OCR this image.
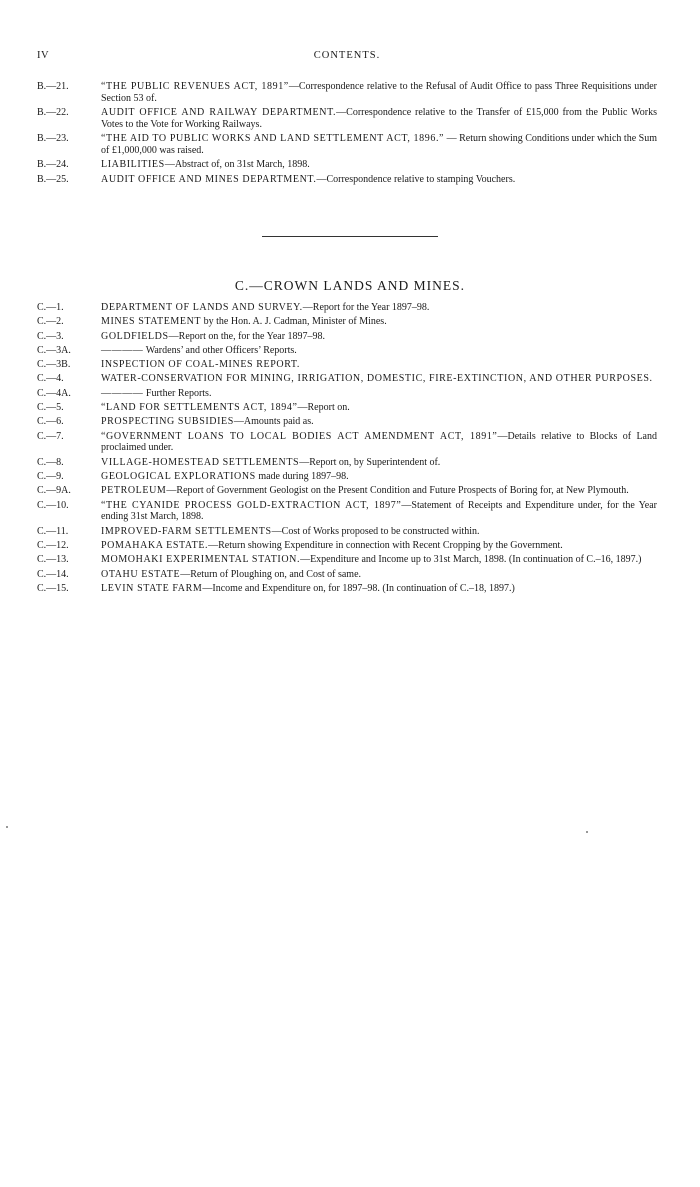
IV	CONTENTS.
B.—21.	“THE PUBLIC REVENUES ACT, 1891”—Correspondence relative to the Refusal of Audit Office to pass Three Requisitions under Section 53 of.
B.—22.	AUDIT OFFICE AND RAILWAY DEPARTMENT.—Correspondence relative to the Transfer of £15,000 from the Public Works Votes to the Vote for Working Railways.
B.—23.	“THE AID TO PUBLIC WORKS AND LAND SETTLEMENT ACT, 1896.” — Return showing Conditions under which the Sum of £1,000,000 was raised.
B.—24.	LIABILITIES—Abstract of, on 31st March, 1898.
B.—25.	AUDIT OFFICE AND MINES DEPARTMENT.—Correspondence relative to stamping Vouchers.
C.—CROWN LANDS AND MINES.
C.—1.	DEPARTMENT OF LANDS AND SURVEY.—Report for the Year 1897–98.
C.—2.	MINES STATEMENT by the Hon. A. J. Cadman, Minister of Mines.
C.—3.	GOLDFIELDS—Report on the, for the Year 1897–98.
C.—3A.	———— Wardens’ and other Officers’ Reports.
C.—3B.	INSPECTION OF COAL-MINES REPORT.
C.—4.	WATER-CONSERVATION FOR MINING, IRRIGATION, DOMESTIC, FIRE-EXTINCTION, AND OTHER PURPOSES.
C.—4A.	———— Further Reports.
C.—5.	“LAND FOR SETTLEMENTS ACT, 1894”—Report on.
C.—6.	PROSPECTING SUBSIDIES—Amounts paid as.
C.—7.	“GOVERNMENT LOANS TO LOCAL BODIES ACT AMENDMENT ACT, 1891”—Details relative to Blocks of Land proclaimed under.
C.—8.	VILLAGE-HOMESTEAD SETTLEMENTS—Report on, by Superintendent of.
C.—9.	GEOLOGICAL EXPLORATIONS made during 1897–98.
C.—9A.	PETROLEUM—Report of Government Geologist on the Present Condition and Future Prospects of Boring for, at New Plymouth.
C.—10.	“THE CYANIDE PROCESS GOLD-EXTRACTION ACT, 1897”—Statement of Receipts and Expenditure under, for the Year ending 31st March, 1898.
C.—11.	IMPROVED-FARM SETTLEMENTS—Cost of Works proposed to be constructed within.
C.—12.	POMAHAKA ESTATE.—Return showing Expenditure in connection with Recent Cropping by the Government.
C.—13.	MOMOHAKI EXPERIMENTAL STATION.—Expenditure and Income up to 31st March, 1898. (In continuation of C.–16, 1897.)
C.—14.	OTAHU ESTATE—Return of Ploughing on, and Cost of same.
C.—15.	LEVIN STATE FARM—Income and Expenditure on, for 1897–98. (In continuation of C.–18, 1897.)
